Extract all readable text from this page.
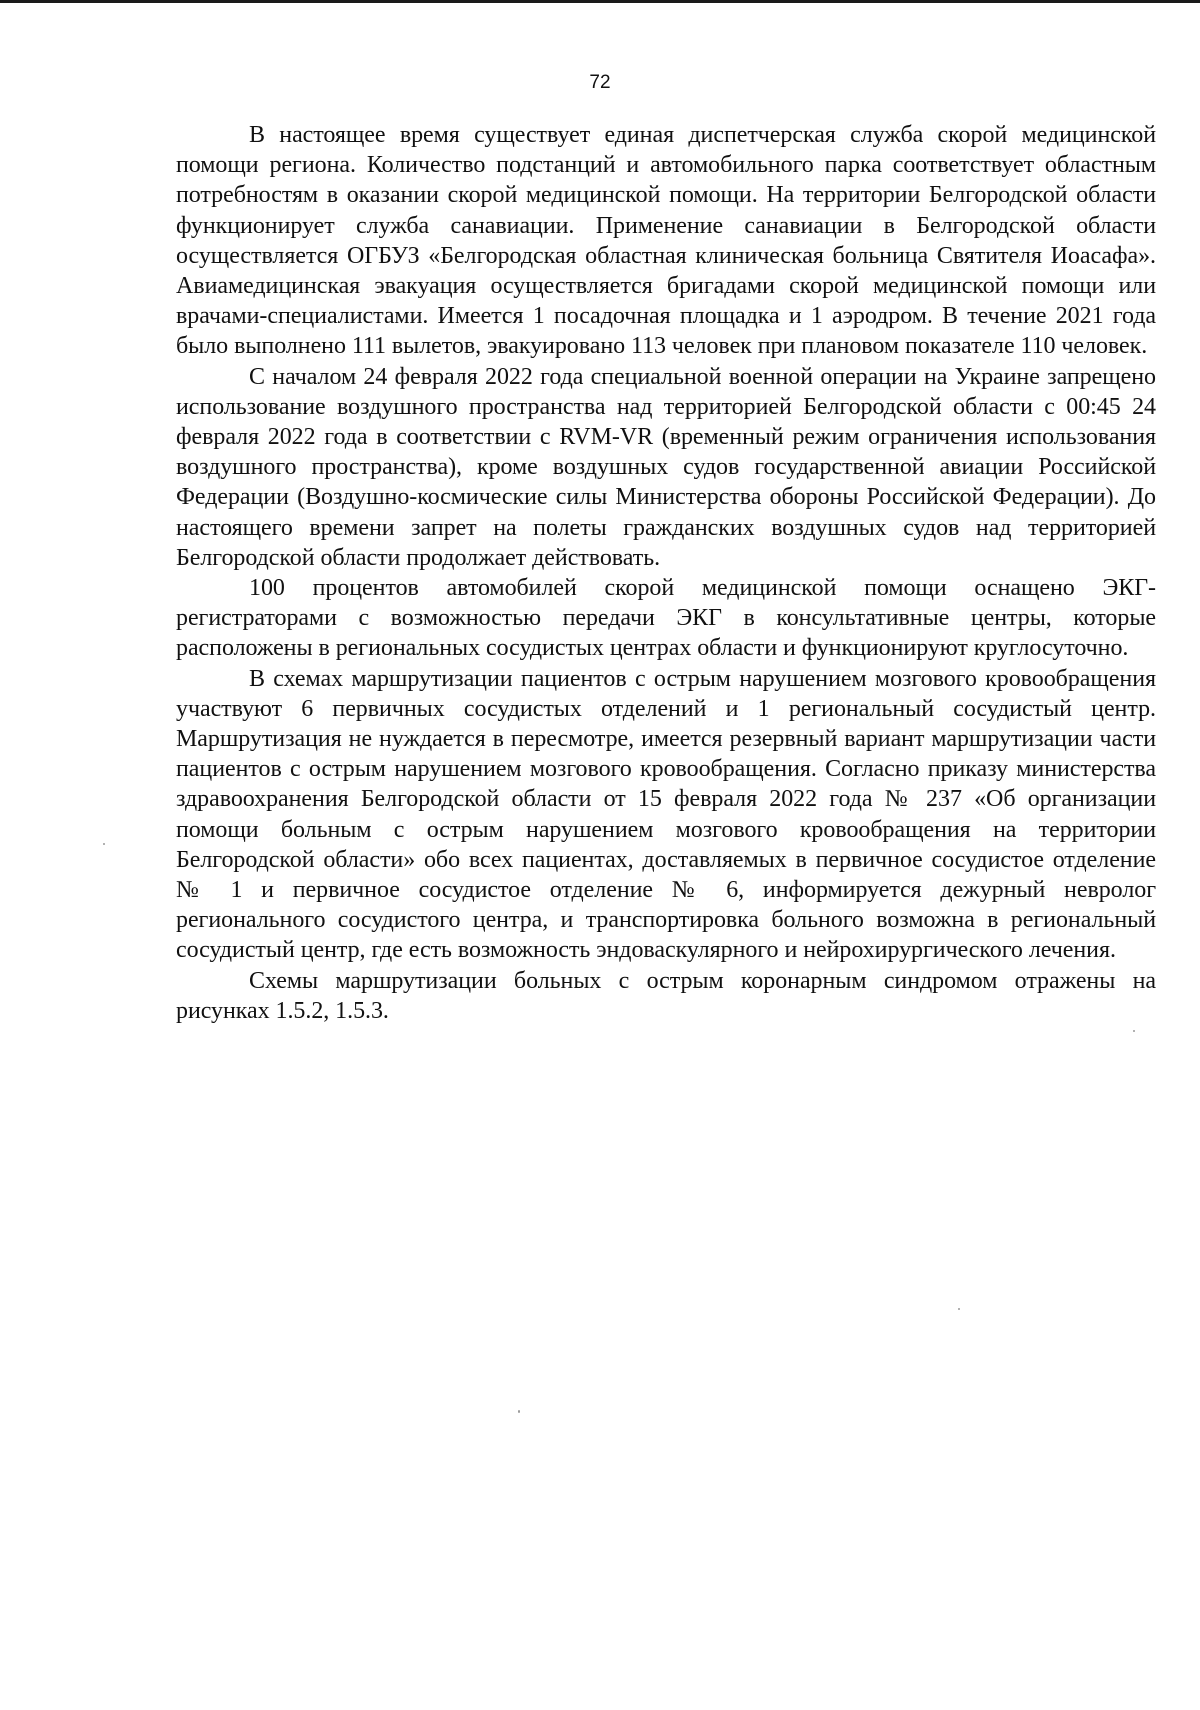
72

В настоящее время существует единая диспетчерская служба скорой медицинской помощи региона. Количество подстанций и автомобильного парка соответствует областным потребностям в оказании скорой медицинской помощи. На территории Белгородской области функционирует служба санавиации. Применение санавиации в Белгородской области осуществляется ОГБУЗ «Белгородская областная клиническая больница Святителя Иоасафа». Авиамедицинская эвакуация осуществляется бригадами скорой медицинской помощи или врачами-специалистами. Имеется 1 посадочная площадка и 1 аэродром. В течение 2021 года было выполнено 111 вылетов, эвакуировано 113 человек при плановом показателе 110 человек.

С началом 24 февраля 2022 года специальной военной операции на Украине запрещено использование воздушного пространства над территорией Белгородской области с 00:45 24 февраля 2022 года в соответствии с RVM-VR (временный режим ограничения использования воздушного пространства), кроме воздушных судов государственной авиации Российской Федерации (Воздушно-космические силы Министерства обороны Российской Федерации). До настоящего времени запрет на полеты гражданских воздушных судов над территорией Белгородской области продолжает действовать.

100 процентов автомобилей скорой медицинской помощи оснащено ЭКГ-регистраторами с возможностью передачи ЭКГ в консультативные центры, которые расположены в региональных сосудистых центрах области и функционируют круглосуточно.

В схемах маршрутизации пациентов с острым нарушением мозгового кровообращения участвуют 6 первичных сосудистых отделений и 1 региональный сосудистый центр. Маршрутизация не нуждается в пересмотре, имеется резервный вариант маршрутизации части пациентов с острым нарушением мозгового кровообращения. Согласно приказу министерства здравоохранения Белгородской области от 15 февраля 2022 года № 237 «Об организации помощи больным с острым нарушением мозгового кровообращения на территории Белгородской области» обо всех пациентах, доставляемых в первичное сосудистое отделение № 1 и первичное сосудистое отделение № 6, информируется дежурный невролог регионального сосудистого центра, и транспортировка больного возможна в региональный сосудистый центр, где есть возможность эндоваскулярного и нейрохирургического лечения.

Схемы маршрутизации больных с острым коронарным синдромом отражены на рисунках 1.5.2, 1.5.3.
